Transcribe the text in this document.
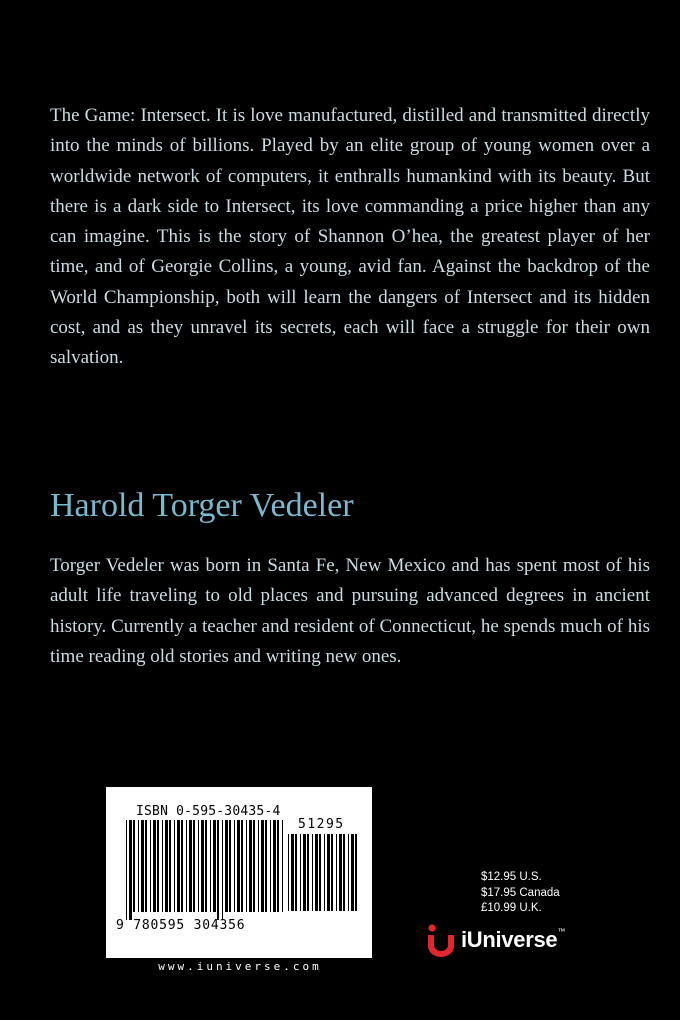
The Game: Intersect. It is love manufactured, distilled and transmitted directly into the minds of billions. Played by an elite group of young women over a worldwide network of computers, it enthralls humankind with its beauty. But there is a dark side to Intersect, its love commanding a price higher than any can imagine. This is the story of Shannon O’hea, the greatest player of her time, and of Georgie Collins, a young, avid fan. Against the backdrop of the World Championship, both will learn the dangers of Intersect and its hidden cost, and as they unravel its secrets, each will face a struggle for their own salvation.

Harold Torger Vedeler

Torger Vedeler was born in Santa Fe, New Mexico and has spent most of his adult life traveling to old places and pursuing advanced degrees in ancient history. Currently a teacher and resident of Connecticut, he spends much of his time reading old stories and writing new ones.

ISBN 0-595-30435-4
51295
9 780595 304356
www.iuniverse.com
$12.95 U.S.
$17.95 Canada
£10.99 U.K.
iUniverse™
